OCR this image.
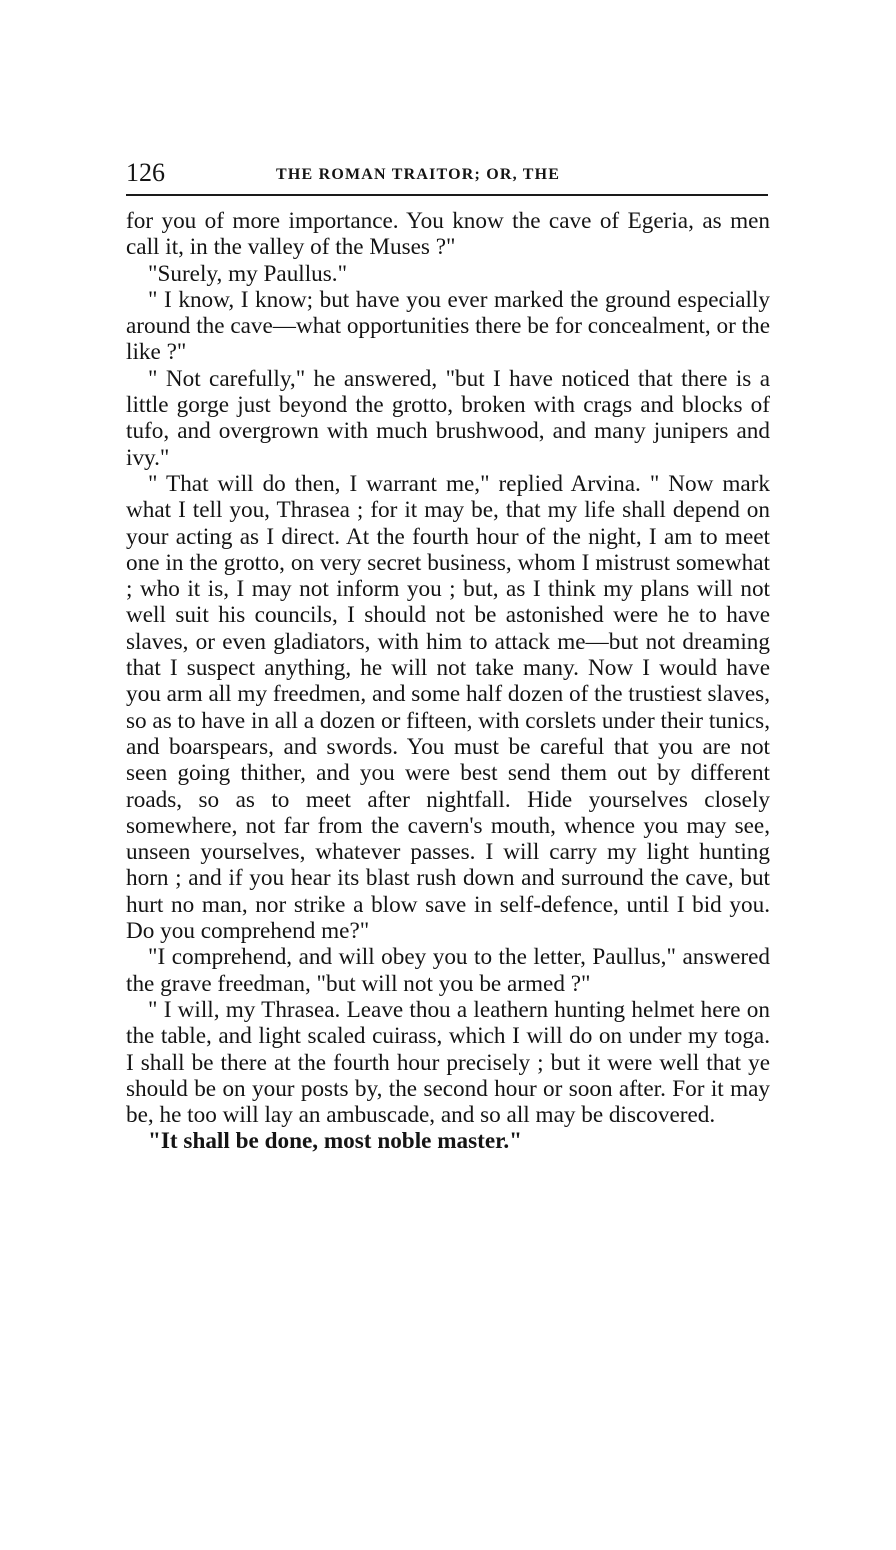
126	THE ROMAN TRAITOR; OR, THE

for you of more importance. You know the cave of Egeria, as men call it, in the valley of the Muses ?"

"Surely, my Paullus."

" I know, I know; but have you ever marked the ground especially around the cave—what opportunities there be for concealment, or the like ?"

" Not carefully," he answered, "but I have noticed that there is a little gorge just beyond the grotto, broken with crags and blocks of tufo, and overgrown with much brushwood, and many junipers and ivy."

" That will do then, I warrant me," replied Arvina. " Now mark what I tell you, Thrasea ; for it may be, that my life shall depend on your acting as I direct. At the fourth hour of the night, I am to meet one in the grotto, on very secret business, whom I mistrust somewhat ; who it is, I may not inform you ; but, as I think my plans will not well suit his councils, I should not be astonished were he to have slaves, or even gladiators, with him to attack me—but not dreaming that I suspect anything, he will not take many. Now I would have you arm all my freedmen, and some half dozen of the trustiest slaves, so as to have in all a dozen or fifteen, with corslets under their tunics, and boarspears, and swords. You must be careful that you are not seen going thither, and you were best send them out by different roads, so as to meet after nightfall. Hide yourselves closely somewhere, not far from the cavern's mouth, whence you may see, unseen yourselves, whatever passes. I will carry my light hunting horn ; and if you hear its blast rush down and surround the cave, but hurt no man, nor strike a blow save in self-defence, until I bid you. Do you comprehend me?"

"I comprehend, and will obey you to the letter, Paullus," answered the grave freedman, "but will not you be armed ?"

" I will, my Thrasea. Leave thou a leathern hunting helmet here on the table, and light scaled cuirass, which I will do on under my toga. I shall be there at the fourth hour precisely ; but it were well that ye should be on your posts by, the second hour or soon after. For it may be, he too will lay an ambuscade, and so all may be discovered.

"It shall be done, most noble master."
